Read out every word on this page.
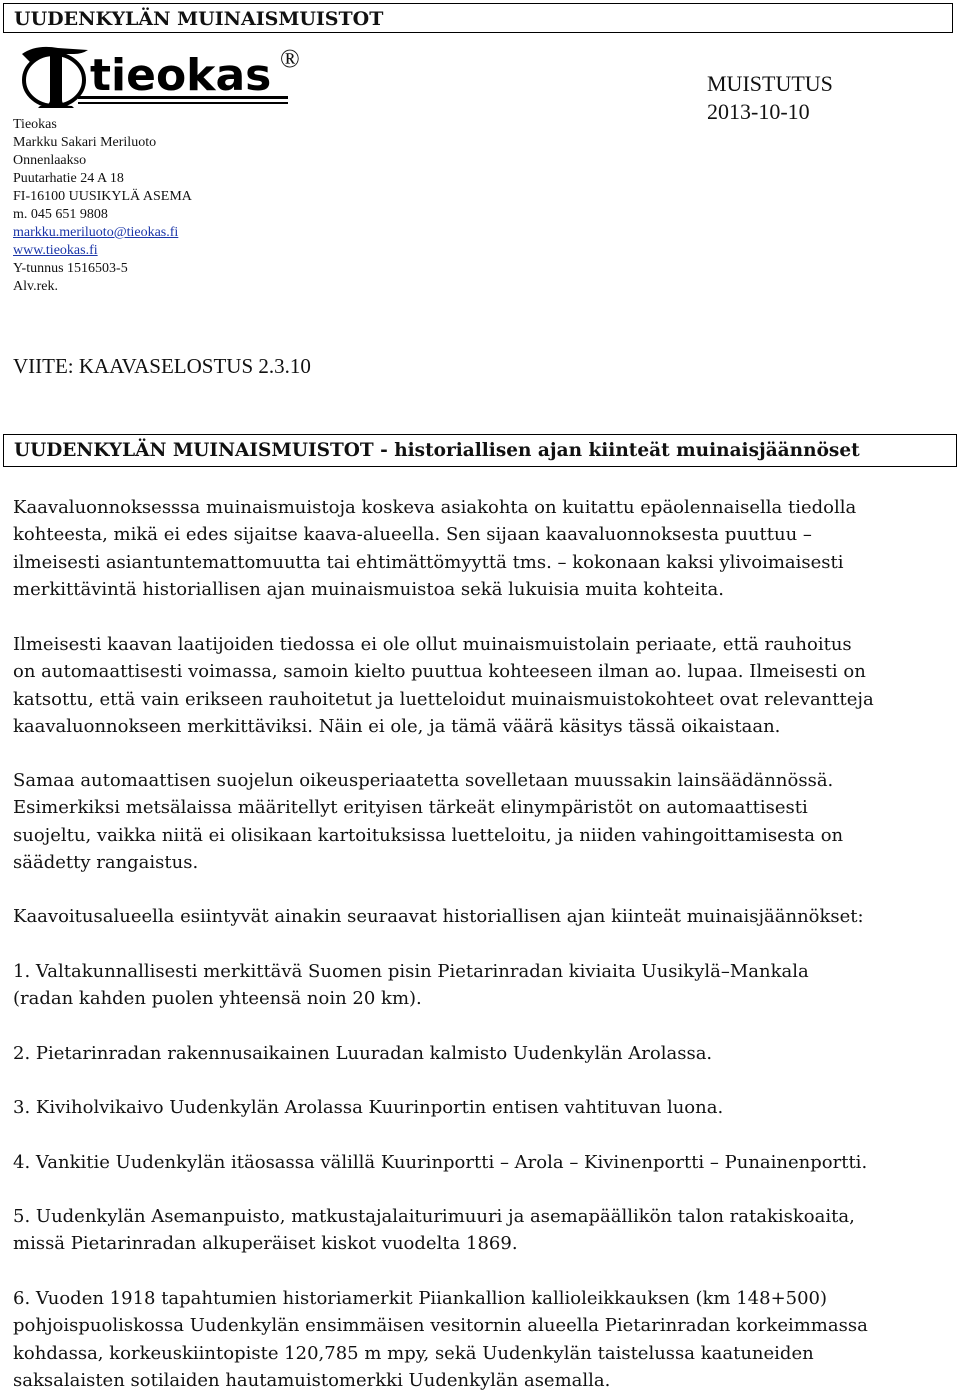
UUDENKYLÄN MUINAISMUISTOT
tieokas ®
MUISTUTUS
2013-10-10
Tieokas
Markku Sakari Meriluoto
Onnenlaakso
Puutarhatie 24 A 18
FI-16100 UUSIKYLÄ ASEMA
m. 045 651 9808
markku.meriluoto@tieokas.fi
www.tieokas.fi
Y-tunnus 1516503-5
Alv.rek.
VIITE: KAAVASELOSTUS 2.3.10
UUDENKYLÄN MUINAISMUISTOT - historiallisen ajan kiinteät muinaisjäännöset
Kaavaluonnoksesssa muinaismuistoja koskeva asiakohta on kuitattu epäolennaisella tiedolla
kohteesta, mikä ei edes sijaitse kaava-alueella. Sen sijaan kaavaluonnoksesta puuttuu –
ilmeisesti asiantuntemattomuutta tai ehtimättömyyttä tms. – kokonaan kaksi ylivoimaisesti
merkittävintä historiallisen ajan muinaismuistoa sekä lukuisia muita kohteita.
Ilmeisesti kaavan laatijoiden tiedossa ei ole ollut muinaismuistolain periaate, että rauhoitus
on automaattisesti voimassa, samoin kielto puuttua kohteeseen ilman ao. lupaa. Ilmeisesti on
katsottu, että vain erikseen rauhoitetut ja luetteloidut muinaismuistokohteet ovat relevantteja
kaavaluonnokseen merkittäviksi. Näin ei ole, ja tämä väärä käsitys tässä oikaistaan.
Samaa automaattisen suojelun oikeusperiaatetta sovelletaan muussakin lainsäädännössä.
Esimerkiksi metsälaissa määritellyt erityisen tärkeät elinympäristöt on automaattisesti
suojeltu, vaikka niitä ei olisikaan kartoituksissa luetteloitu, ja niiden vahingoittamisesta on
säädetty rangaistus.
Kaavoitusalueella esiintyvät ainakin seuraavat historiallisen ajan kiinteät muinaisjäännökset:
1. Valtakunnallisesti merkittävä Suomen pisin Pietarinradan kiviaita Uusikylä–Mankala
(radan kahden puolen yhteensä noin 20 km).
2. Pietarinradan rakennusaikainen Luuradan kalmisto Uudenkylän Arolassa.
3. Kiviholvikaivo Uudenkylän Arolassa Kuurinportin entisen vahtituvan luona.
4. Vankitie Uudenkylän itäosassa välillä Kuurinportti – Arola – Kivinenportti – Punainenportti.
5. Uudenkylän Asemanpuisto, matkustajalaiturimuuri ja asemapäällikön talon ratakiskoaita,
missä Pietarinradan alkuperäiset kiskot vuodelta 1869.
6. Vuoden 1918 tapahtumien historiamerkit Piiankallion kallioleikkauksen (km 148+500)
pohjoispuoliskossa Uudenkylän ensimmäisen vesitornin alueella Pietarinradan korkeimmassa
kohdassa, korkeuskiintopiste 120,785 m mpy, sekä Uudenkylän taistelussa kaatuneiden
saksalaisten sotilaiden hautamuistomerkki Uudenkylän asemalla.
